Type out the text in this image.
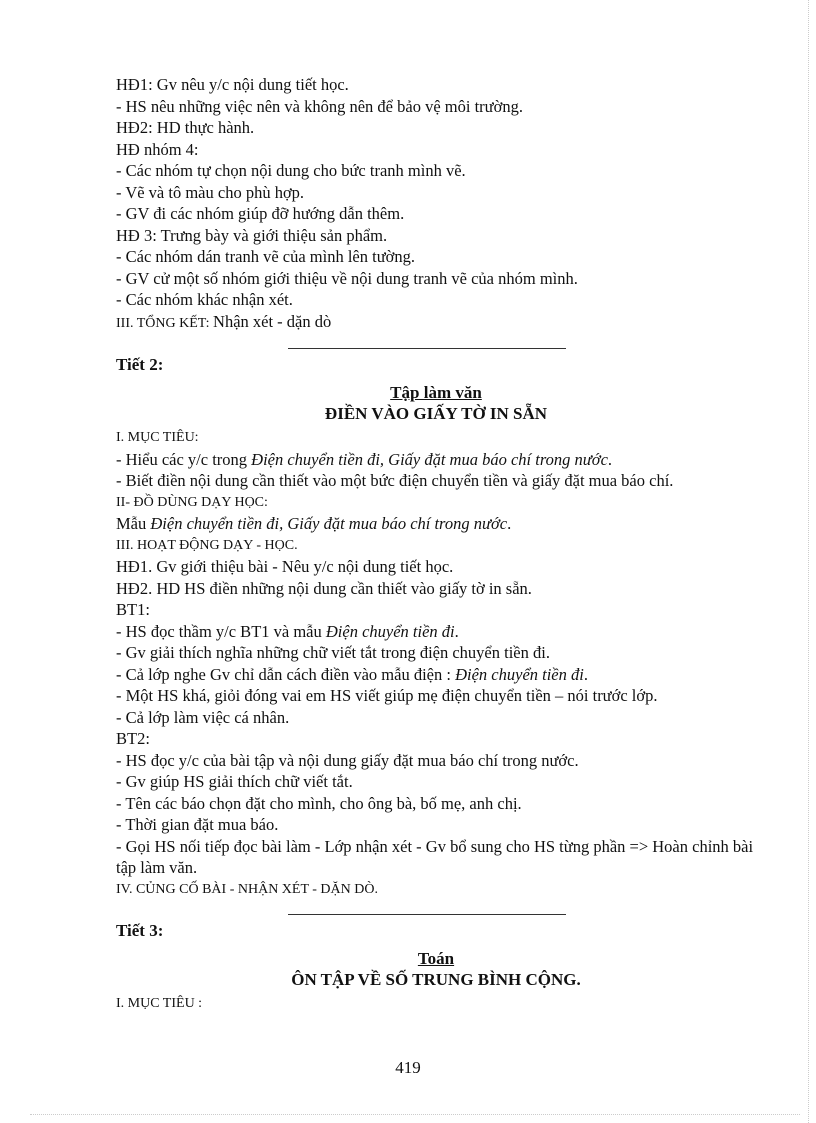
HĐ1: Gv nêu y/c nội dung tiết học.
- HS nêu những việc nên và không nên để bảo vệ môi trường.
HĐ2: HD thực hành.
HĐ nhóm 4:
- Các nhóm tự chọn nội dung cho bức tranh mình vẽ.
- Vẽ và tô màu cho phù hợp.
- GV đi các nhóm giúp đỡ hướng dẫn thêm.
HĐ 3: Trưng bày và giới thiệu sản phẩm.
- Các nhóm dán tranh vẽ của mình lên tường.
- GV cử một số nhóm giới thiệu về nội dung tranh vẽ của nhóm mình.
- Các nhóm khác nhận xét.
III. TỔNG KẾT: Nhận xét - dặn dò
Tiết 2:
Tập làm văn
ĐIỀN VÀO GIẤY TỜ IN SẴN
I. MỤC TIÊU:
- Hiểu các y/c trong Điện chuyển tiền đi, Giấy đặt mua báo chí trong nước.
- Biết điền nội dung cần thiết vào một bức điện chuyển tiền và giấy đặt mua báo chí.
II- ĐỒ DÙNG DẠY HỌC:
Mẫu Điện chuyển tiền đi, Giấy đặt mua báo chí trong nước.
III. HOẠT ĐỘNG DẠY - HỌC.
HĐ1. Gv giới thiệu bài - Nêu y/c nội dung tiết học.
HĐ2. HD HS điền những nội dung cần thiết vào giấy tờ in sẵn.
BT1:
- HS đọc thầm y/c BT1 và mẫu Điện chuyển tiền đi.
- Gv giải thích nghĩa những chữ viết tắt trong điện chuyển tiền đi.
- Cả lớp nghe Gv chỉ dẫn cách điền vào mẫu điện : Điện chuyển tiền đi.
- Một HS khá, giỏi đóng vai em HS viết giúp mẹ điện chuyển tiền – nói trước lớp.
- Cả lớp làm việc cá nhân.
BT2:
- HS đọc y/c của bài tập và nội dung giấy đặt mua báo chí trong nước.
- Gv giúp HS giải thích chữ viết tắt.
- Tên các báo chọn đặt cho mình, cho ông bà, bố mẹ, anh chị.
- Thời gian đặt mua báo.
- Gọi HS nối tiếp đọc bài làm - Lớp nhận xét - Gv bổ sung cho HS từng phần => Hoàn chỉnh bài tập làm văn.
IV. CỦNG CỐ BÀI - NHẬN XÉT - DẶN DÒ.
Tiết 3:
Toán
ÔN TẬP VỀ SỐ TRUNG BÌNH CỘNG.
I. MỤC TIÊU :
419
